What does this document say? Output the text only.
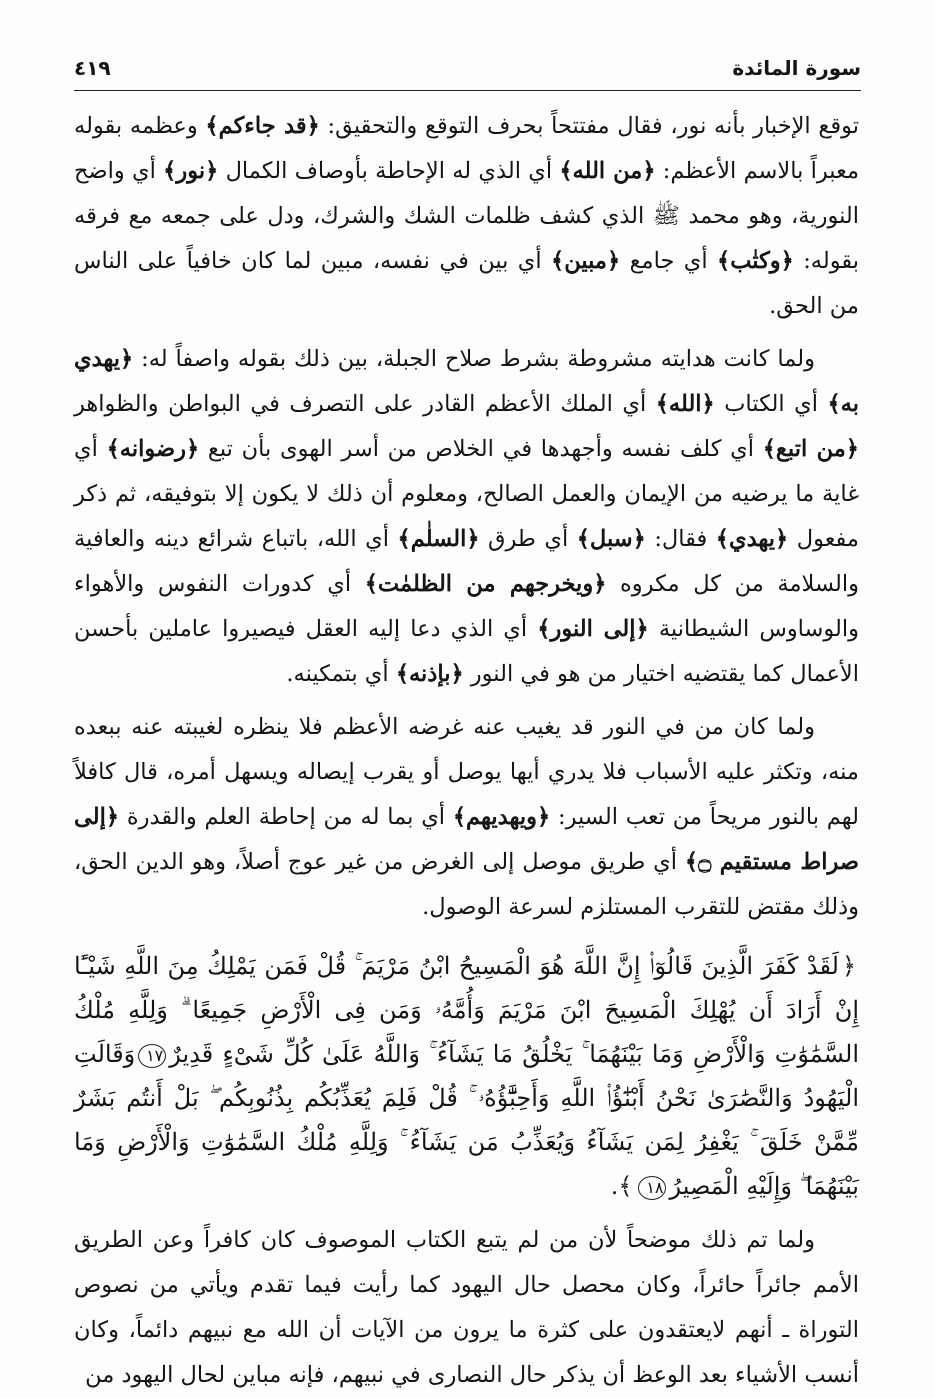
سورة المائدة
٤١٩

توقع الإخبار بأنه نور، فقال مفتتحاً بحرف التوقع والتحقيق: ﴿قد جاءكم﴾ وعظمه بقوله معبراً بالاسم الأعظم: ﴿من الله﴾ أي الذي له الإحاطة بأوصاف الكمال ﴿نور﴾ أي واضح النورية، وهو محمد ﷺ الذي كشف ظلمات الشك والشرك، ودل على جمعه مع فرقه بقوله: ﴿وكتٰب﴾ أي جامع ﴿مبين﴾ أي بين في نفسه، مبين لما كان خافياً على الناس من الحق.

ولما كانت هدايته مشروطة بشرط صلاح الجبلة، بين ذلك بقوله واصفاً له: ﴿يهدي به﴾ أي الكتاب ﴿الله﴾ أي الملك الأعظم القادر على التصرف في البواطن والظواهر ﴿من اتبع﴾ أي كلف نفسه وأجهدها في الخلاص من أسر الهوى بأن تبع ﴿رضوانه﴾ أي غاية ما يرضيه من الإيمان والعمل الصالح، ومعلوم أن ذلك لا يكون إلا بتوفيقه، ثم ذكر مفعول ﴿يهدي﴾ فقال: ﴿سبل﴾ أي طرق ﴿السلٰم﴾ أي الله، باتباع شرائع دينه والعافية والسلامة من كل مكروه ﴿ويخرجهم من الظلمٰت﴾ أي كدورات النفوس والأهواء والوساوس الشيطانية ﴿إلى النور﴾ أي الذي دعا إليه العقل فيصيروا عاملين بأحسن الأعمال كما يقتضيه اختيار من هو في النور ﴿بإذنه﴾ أي بتمكينه.

ولما كان من في النور قد يغيب عنه غرضه الأعظم فلا ينظره لغيبته عنه ببعده منه، وتكثر عليه الأسباب فلا يدري أيها يوصل أو يقرب إيصاله ويسهل أمره، قال كافلاً لهم بالنور مريحاً من تعب السير: ﴿ويهديهم﴾ أي بما له من إحاطة العلم والقدرة ﴿إلى صراط مستقيم ۝﴾ أي طريق موصل إلى الغرض من غير عوج أصلاً، وهو الدين الحق، وذلك مقتض للتقرب المستلزم لسرعة الوصول.

﴿لَقَدْ كَفَرَ الَّذِينَ قَالُوٓا۟ إِنَّ اللَّهَ هُوَ الْمَسِيحُ ابْنُ مَرْيَمَ ۚ قُلْ فَمَن يَمْلِكُ مِنَ اللَّهِ شَيْـًٔا إِنْ أَرَادَ أَن يُهْلِكَ الْمَسِيحَ ابْنَ مَرْيَمَ وَأُمَّهُۥ وَمَن فِى الْأَرْضِ جَمِيعًا ۗ وَلِلَّهِ مُلْكُ السَّمَٰوَٰتِ وَالْأَرْضِ وَمَا بَيْنَهُمَا ۚ يَخْلُقُ مَا يَشَآءُ ۚ وَاللَّهُ عَلَىٰ كُلِّ شَىْءٍ قَدِيرٌ١٧وَقَالَتِ الْيَهُودُ وَالنَّصَٰرَىٰ نَحْنُ أَبْنَٰٓؤُا۟ اللَّهِ وَأَحِبَّٰٓؤُهُۥ ۚ قُلْ فَلِمَ يُعَذِّبُكُم بِذُنُوبِكُم ۖ بَلْ أَنتُم بَشَرٌ مِّمَّنْ خَلَقَ ۚ يَغْفِرُ لِمَن يَشَآءُ وَيُعَذِّبُ مَن يَشَآءُ ۚ وَلِلَّهِ مُلْكُ السَّمَٰوَٰتِ وَالْأَرْضِ وَمَا بَيْنَهُمَا ۖ وَإِلَيْهِ الْمَصِيرُ١٨﴾.

ولما تم ذلك موضحاً لأن من لم يتبع الكتاب الموصوف كان كافراً وعن الطريق الأمم جائراً حائراً، وكان محصل حال اليهود كما رأيت فيما تقدم ويأتي من نصوص التوراة ـ أنهم لايعتقدون على كثرة ما يرون من الآيات أن الله مع نبيهم دائماً، وكان أنسب الأشياء بعد الوعظ أن يذكر حال النصارى في نبيهم، فإنه مباين لحال اليهود من
